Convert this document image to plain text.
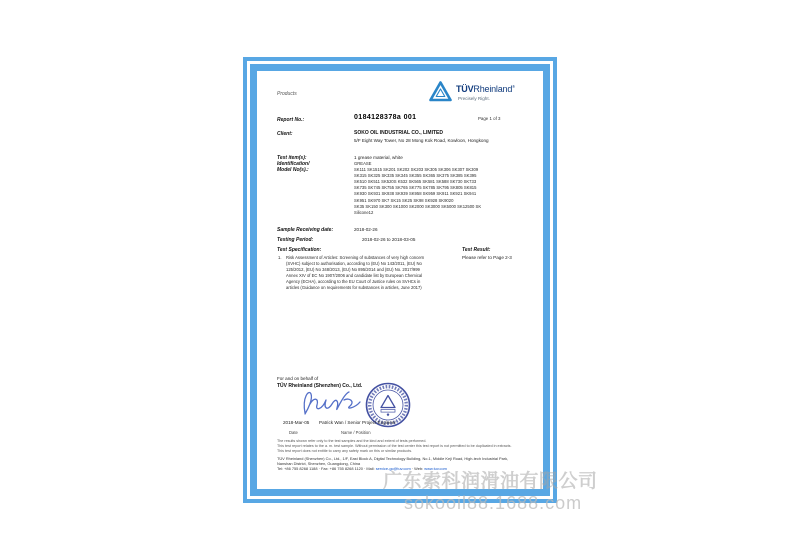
Products	TÜVRheinland®
Precisely Right.
Report No.:	0184128378a 001	Page 1 of 3
Client:	SOKO OIL INDUSTRIAL CO., LIMITED
5/F Eight Way Tower, No 28 Mong Kok Road, Kowloon, Hongkong
Test item(s):	1 grease material, white
Identification/
Model No(s).:
GREASE
SK111 SK1515 SK201 SK202 SK203 SK305 SK306 SK307 SK309
SK315 SK325 SK335 SK345 SK355 SK365 SK375 SK385 SK395
SK510 SK511 SK520S K532 SK565 SK581 SK588 SK730 SK733
SK735 SK745 SK755 SK765 SK775 SK785 SK795 SK805 SK815
SK930 SK931 SK938 SK939 SK958 SK959 SK911 SK921 SK941
SK951 SK970 SK7 SK15 SK25 SK98 SK928 SK9020
SK35 SK150 SK300 SK1000 SK2000 SK3000 SK5000 SK12500 SK
Silicone12
Sample Receiving date:	2018-02-26
Testing Period:	2018-02-26 to 2018-03-05
Test Specification:	Test Result:
1. Risk Assessment of Articles: Screening of substances of very high concern
(SVHC) subject to authorisation, according to (EU) No 143/2011, (EU) No
125/2012, (EU) No 348/2013, (EU) No 895/2014 and (EU) No. 2017/999
Annex XIV of EC No 1907/2006 and candidate list by European Chemical
Agency (ECHA), according to the EU Court of Justice rules on SVHCs in
articles (Guidance on requirements for substances in articles, June 2017)
Please refer to Page 2-3
For and on behalf of
TÜV Rheinland (Shenzhen) Co., Ltd.
2018-Mar-05 Patrick Wan / Senior Project Engineer
Date	Name / Position
The results shown refer only to the test samples and the kind and extent of tests performed.
This test report relates to the a. m. test sample. Without permission of the test center this test report is not permitted to be duplicated in extracts.
This test report does not entitle to carry any safety mark on this or similar products.
TÜV Rheinland (Shenzhen) Co., Ltd., 1/F, East Block A, Digital Technology Building, No.1, Middle Keji Road, High-tech Industrial Park,
Nanshan District, Shenzhen, Guangdong, China
Tel: +86 755 8268 1188 · Fax: +86 755 8268 1120 · Mail: service-gc@tuv.com · Web: www.tuv.com
广东索科润滑油有限公司
sokooil88.1688.com
